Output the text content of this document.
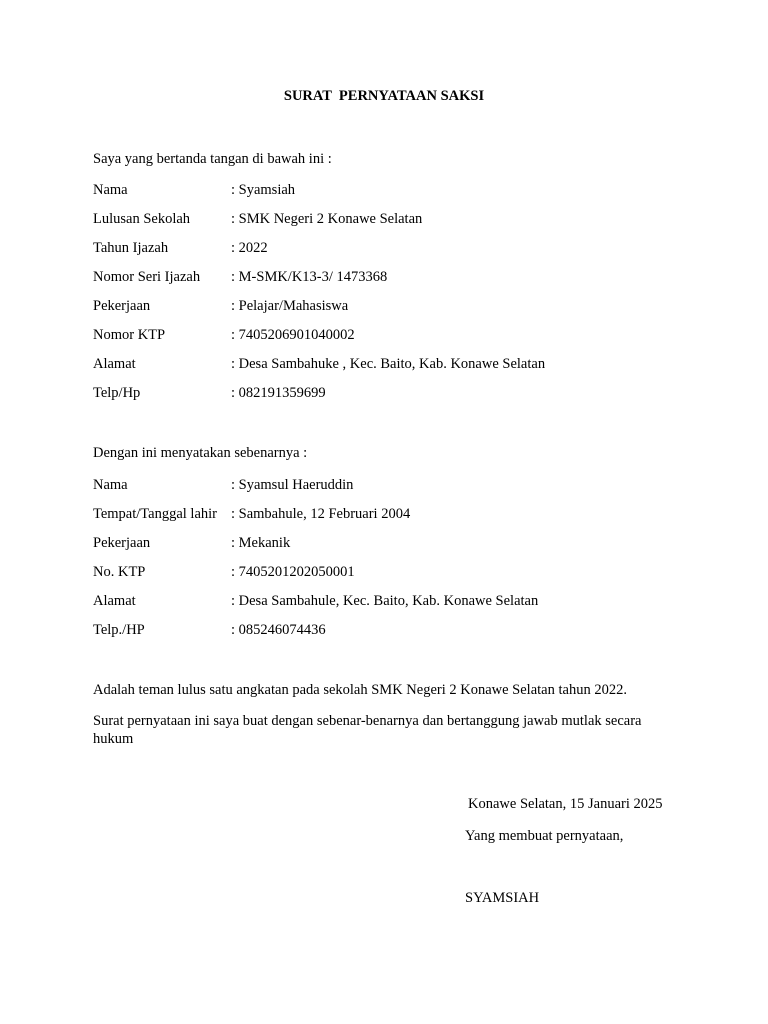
SURAT  PERNYATAAN SAKSI
Saya yang bertanda tangan di bawah ini :
Nama	: Syamsiah
Lulusan Sekolah	: SMK Negeri 2 Konawe Selatan
Tahun Ijazah	: 2022
Nomor Seri Ijazah : M-SMK/K13-3/ 1473368
Pekerjaan	: Pelajar/Mahasiswa
Nomor KTP	: 7405206901040002
Alamat	: Desa Sambahuke , Kec. Baito, Kab. Konawe Selatan
Telp/Hp	: 082191359699
Dengan ini menyatakan sebenarnya :
Nama	: Syamsul Haeruddin
Tempat/Tanggal lahir : Sambahule, 12 Februari 2004
Pekerjaan	: Mekanik
No. KTP	: 7405201202050001
Alamat	: Desa Sambahule, Kec. Baito, Kab. Konawe Selatan
Telp./HP	: 085246074436
Adalah teman lulus satu angkatan pada sekolah SMK Negeri 2 Konawe Selatan tahun 2022.
Surat pernyataan ini saya buat dengan sebenar-benarnya dan bertanggung jawab mutlak secara hukum
Konawe Selatan, 15 Januari 2025
Yang membuat pernyataan,
SYAMSIAH
